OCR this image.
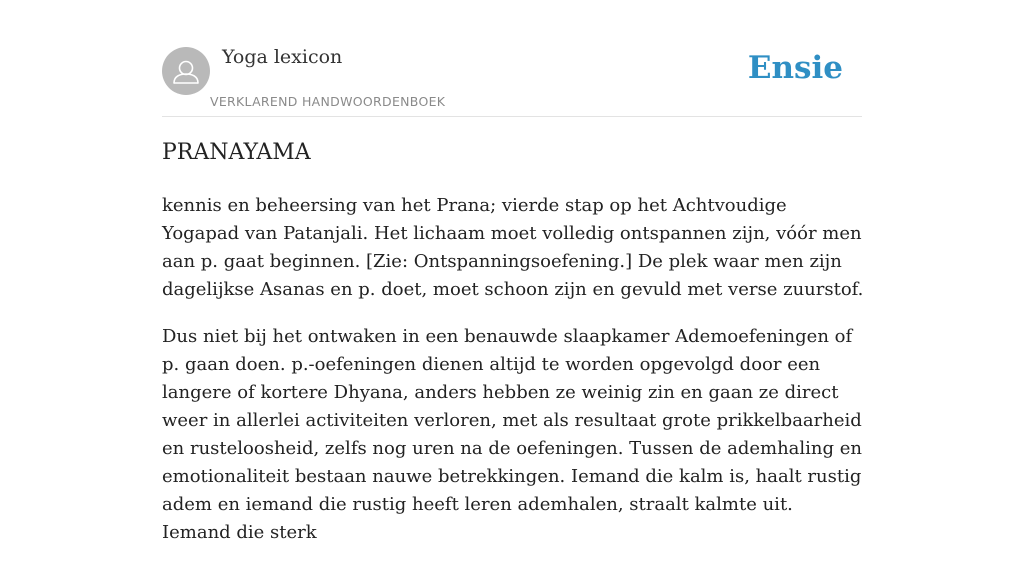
Yoga lexicon
VERKLAREND HANDWOORDENBOEK
Ensie
PRANAYAMA

kennis en beheersing van het Prana; vierde stap op het Achtvoudige Yogapad van Patanjali. Het lichaam moet volledig ontspannen zijn, vóór men aan p. gaat beginnen. [Zie: Ontspanningsoefening.] De plek waar men zijn dagelijkse Asanas en p. doet, moet schoon zijn en gevuld met verse zuurstof.

Dus niet bij het ontwaken in een benauwde slaapkamer Ademoefeningen of p. gaan doen. p.-oefeningen dienen altijd te worden opgevolgd door een langere of kortere Dhyana, anders hebben ze weinig zin en gaan ze direct weer in allerlei activiteiten verloren, met als resultaat grote prikkelbaarheid en rusteloosheid, zelfs nog uren na de oefeningen. Tussen de ademhaling en emotionaliteit bestaan nauwe betrekkingen. Iemand die kalm is, haalt rustig adem en iemand die rustig heeft leren ademhalen, straalt kalmte uit. Iemand die sterk
